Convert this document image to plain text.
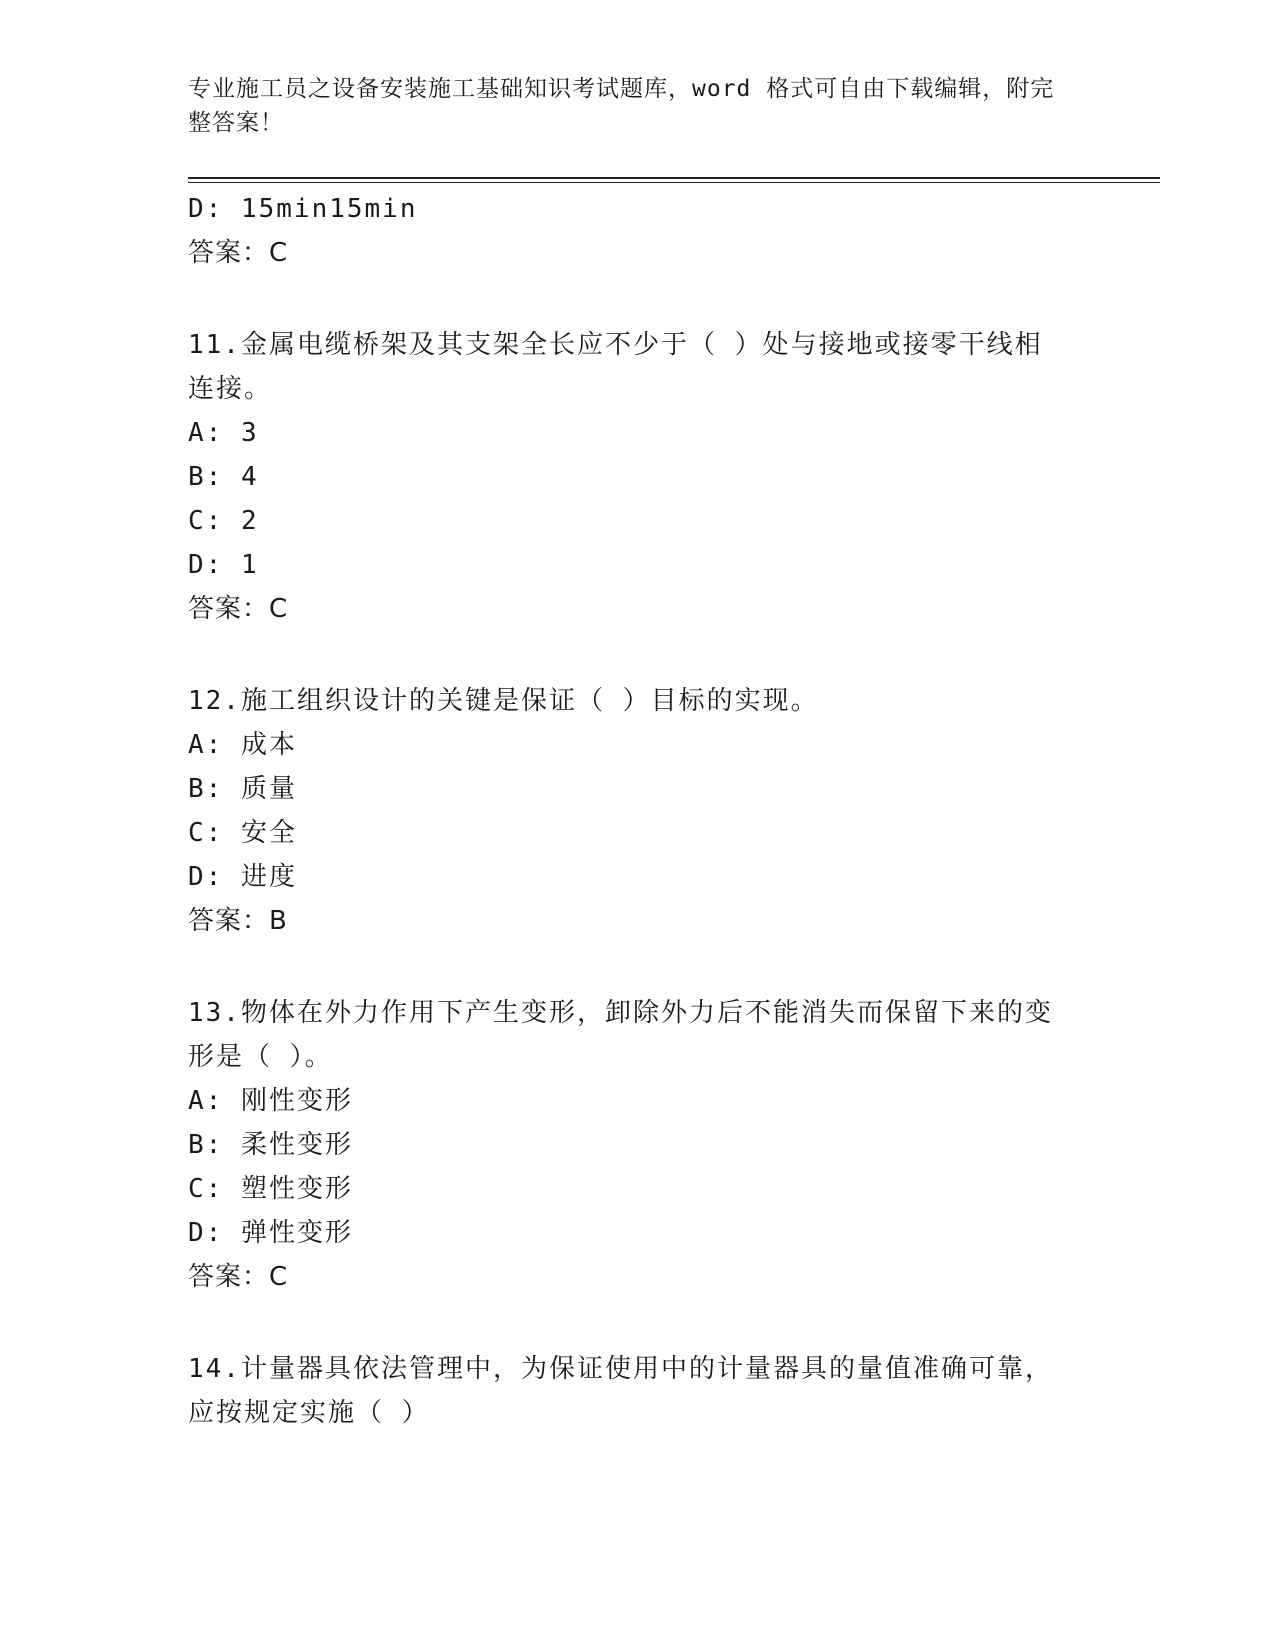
专业施工员之设备安装施工基础知识考试题库，word 格式可自由下载编辑，附完
整答案！
D: 15min15min
答案：C
11.金属电缆桥架及其支架全长应不少于（ ）处与接地或接零干线相
连接。
A: 3
B: 4
C: 2
D: 1
答案：C
12.施工组织设计的关键是保证（ ）目标的实现。
A: 成本
B: 质量
C: 安全
D: 进度
答案：B
13.物体在外力作用下产生变形，卸除外力后不能消失而保留下来的变
形是（ ）。
A: 刚性变形
B: 柔性变形
C: 塑性变形
D: 弹性变形
答案：C
14.计量器具依法管理中，为保证使用中的计量器具的量值准确可靠，
应按规定实施（ ）
